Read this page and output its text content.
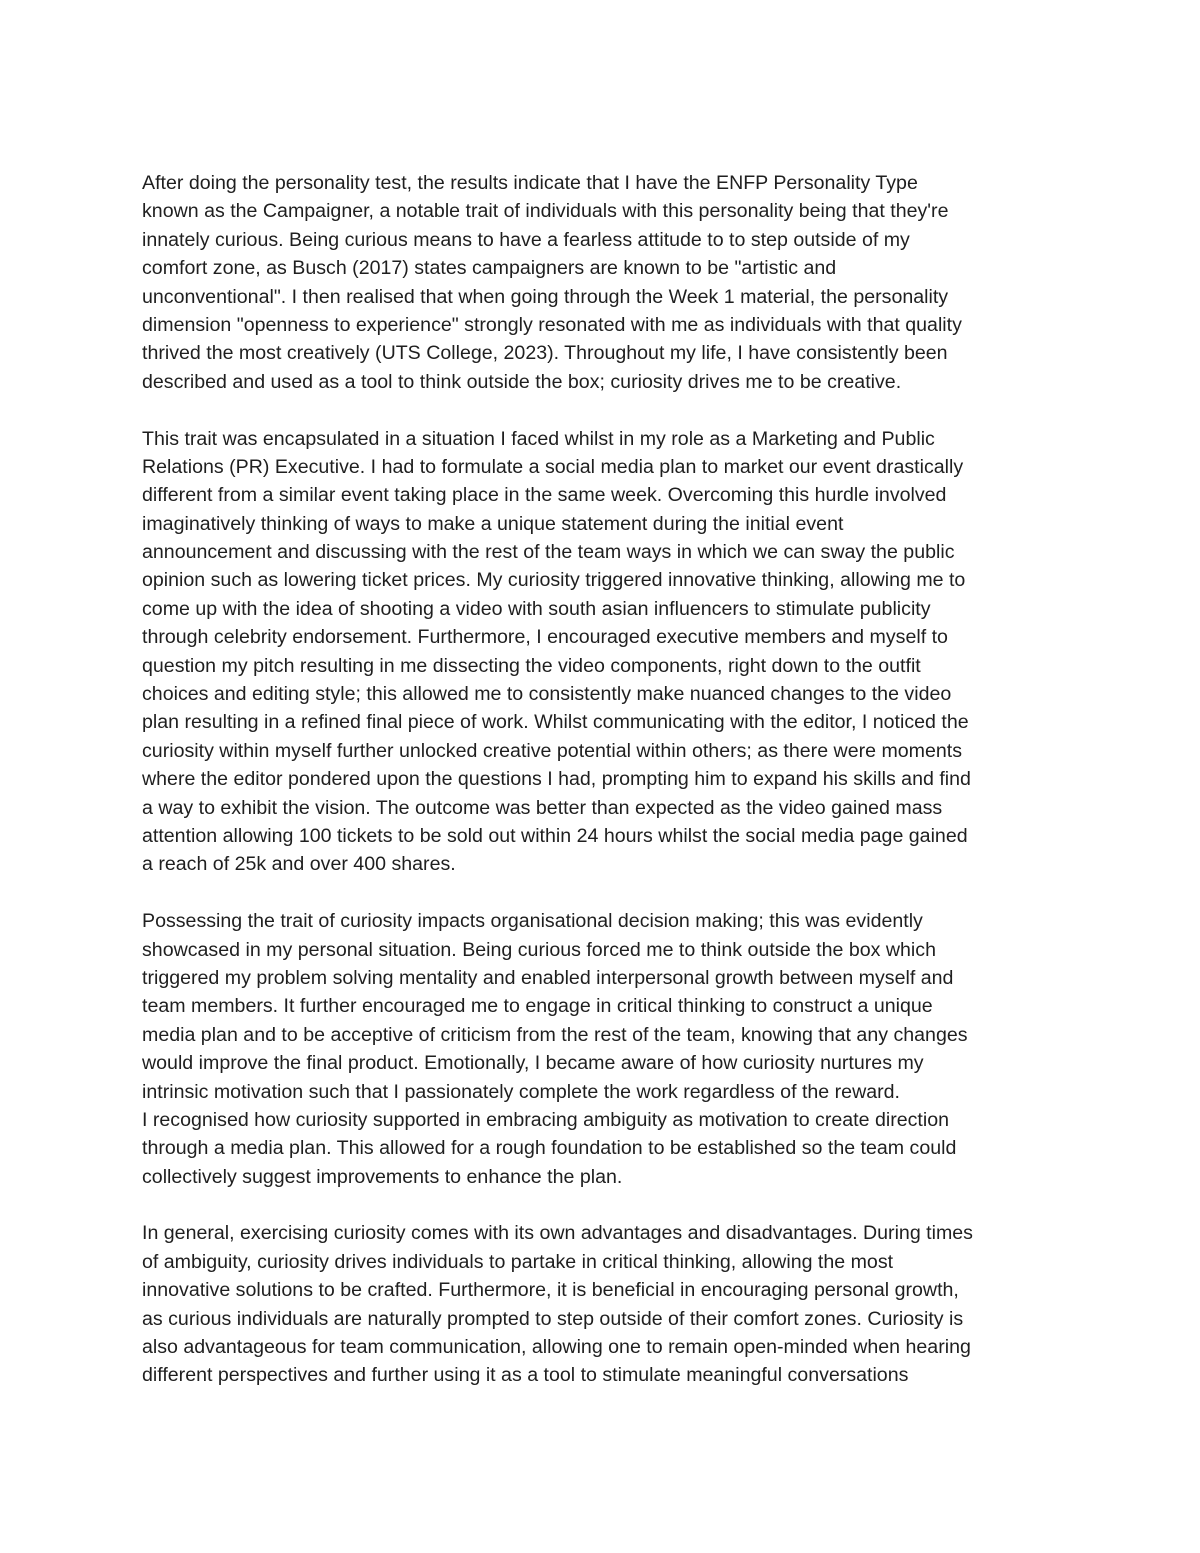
After doing the personality test, the results indicate that I have the ENFP Personality Type
known as the Campaigner, a notable trait of individuals with this personality being that they're
innately curious. Being curious means to have a fearless attitude to to step outside of my
comfort zone, as Busch (2017) states campaigners are known to be "artistic and
unconventional". I then realised that when going through the Week 1 material, the personality
dimension "openness to experience" strongly resonated with me as individuals with that quality
thrived the most creatively (UTS College, 2023). Throughout my life, I have consistently been
described and used as a tool to think outside the box; curiosity drives me to be creative.
This trait was encapsulated in a situation I faced whilst in my role as a Marketing and Public
Relations (PR) Executive. I had to formulate a social media plan to market our event drastically
different from a similar event taking place in the same week. Overcoming this hurdle involved
imaginatively thinking of ways to make a unique statement during the initial event
announcement and discussing with the rest of the team ways in which we can sway the public
opinion such as lowering ticket prices. My curiosity triggered innovative thinking, allowing me to
come up with the idea of shooting a video with south asian influencers to stimulate publicity
through celebrity endorsement. Furthermore, I encouraged executive members and myself to
question my pitch resulting in me dissecting the video components, right down to the outfit
choices and editing style; this allowed me to consistently make nuanced changes to the video
plan resulting in a refined final piece of work. Whilst communicating with the editor, I noticed the
curiosity within myself further unlocked creative potential within others; as there were moments
where the editor pondered upon the questions I had, prompting him to expand his skills and find
a way to exhibit the vision. The outcome was better than expected as the video gained mass
attention allowing 100 tickets to be sold out within 24 hours whilst the social media page gained
a reach of 25k and over 400 shares.
Possessing the trait of curiosity impacts organisational decision making; this was evidently
showcased in my personal situation. Being curious forced me to think outside the box which
triggered my problem solving mentality and enabled interpersonal growth between myself and
team members. It further encouraged me to engage in critical thinking to construct a unique
media plan and to be acceptive of criticism from the rest of the team, knowing that any changes
would improve the final product. Emotionally, I became aware of how curiosity nurtures my
intrinsic motivation such that I passionately complete the work regardless of the reward.
I recognised how curiosity supported in embracing ambiguity as motivation to create direction
through a media plan. This allowed for a rough foundation to be established so the team could
collectively suggest improvements to enhance the plan.
In general, exercising curiosity comes with its own advantages and disadvantages. During times
of ambiguity, curiosity drives individuals to partake in critical thinking, allowing the most
innovative solutions to be crafted. Furthermore, it is beneficial in encouraging personal growth,
as curious individuals are naturally prompted to step outside of their comfort zones. Curiosity is
also advantageous for team communication, allowing one to remain open-minded when hearing
different perspectives and further using it as a tool to stimulate meaningful conversations
